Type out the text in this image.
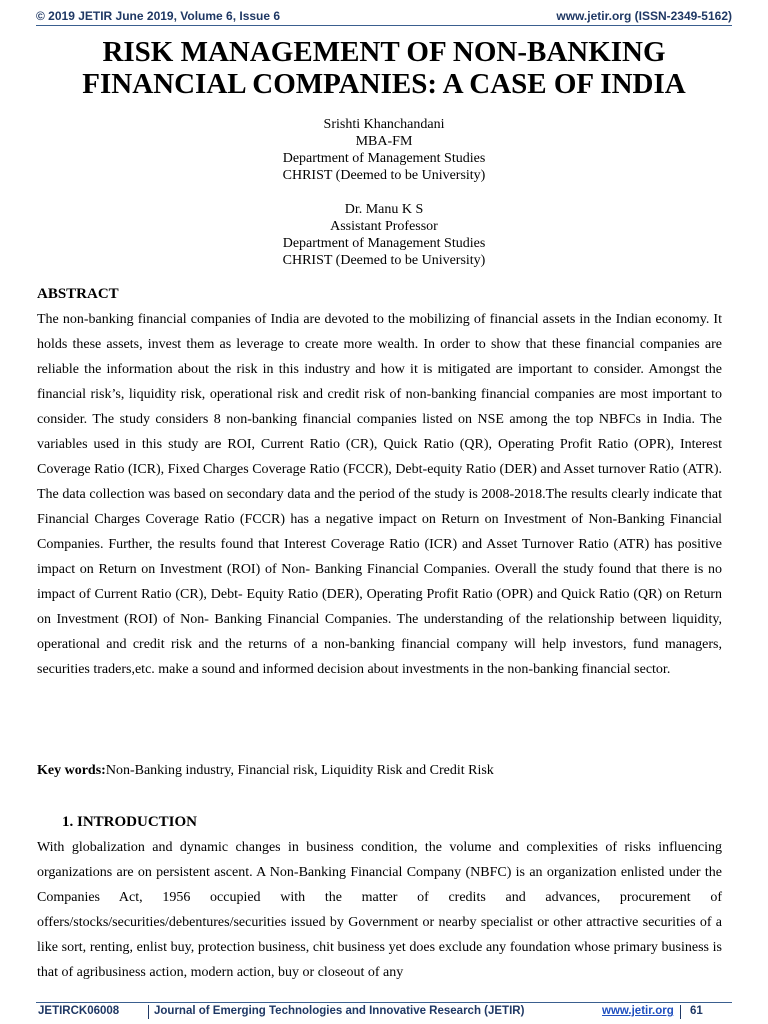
© 2019 JETIR June 2019, Volume 6, Issue 6	www.jetir.org (ISSN-2349-5162)
RISK MANAGEMENT OF NON-BANKING
FINANCIAL COMPANIES: A CASE OF INDIA
Srishti Khanchandani
MBA-FM
Department of Management Studies
CHRIST (Deemed to be University)
Dr. Manu K S
Assistant Professor
Department of Management Studies
CHRIST (Deemed to be University)
ABSTRACT
The non-banking financial companies of India are devoted to the mobilizing of financial assets in the Indian economy. It holds these assets, invest them as leverage to create more wealth. In order to show that these financial companies are reliable the information about the risk in this industry and how it is mitigated are important to consider. Amongst the financial risk’s, liquidity risk, operational risk and credit risk of non-banking financial companies are most important to consider. The study considers 8 non-banking financial companies listed on NSE among the top NBFCs in India. The variables used in this study are ROI, Current Ratio (CR), Quick Ratio (QR), Operating Profit Ratio (OPR), Interest Coverage Ratio (ICR), Fixed Charges Coverage Ratio (FCCR), Debt-equity Ratio (DER) and Asset turnover Ratio (ATR). The data collection was based on secondary data and the period of the study is 2008-2018.The results clearly indicate that Financial Charges Coverage Ratio (FCCR) has a negative impact on Return on Investment of Non-Banking Financial Companies. Further, the results found that Interest Coverage Ratio (ICR) and Asset Turnover Ratio (ATR) has positive impact on Return on Investment (ROI) of Non- Banking Financial Companies. Overall the study found that there is no impact of Current Ratio (CR), Debt- Equity Ratio (DER), Operating Profit Ratio (OPR) and Quick Ratio (QR) on Return on Investment (ROI) of Non- Banking Financial Companies. The understanding of the relationship between liquidity, operational and credit risk and the returns of a non-banking financial company will help investors, fund managers, securities traders,etc. make a sound and informed decision about investments in the non-banking financial sector.
Key words:Non-Banking industry, Financial risk, Liquidity Risk and Credit Risk
1. INTRODUCTION
With globalization and dynamic changes in business condition, the volume and complexities of risks influencing organizations are on persistent ascent. A Non-Banking Financial Company (NBFC) is an organization enlisted under the Companies Act, 1956 occupied with the matter of credits and advances, procurement of offers/stocks/securities/debentures/securities issued by Government or nearby specialist or other attractive securities of a like sort, renting, enlist buy, protection business, chit business yet does exclude any foundation whose primary business is that of agribusiness action, modern action, buy or closeout of any
JETIRCK06008	Journal of Emerging Technologies and Innovative Research (JETIR)	www.jetir.org 61
